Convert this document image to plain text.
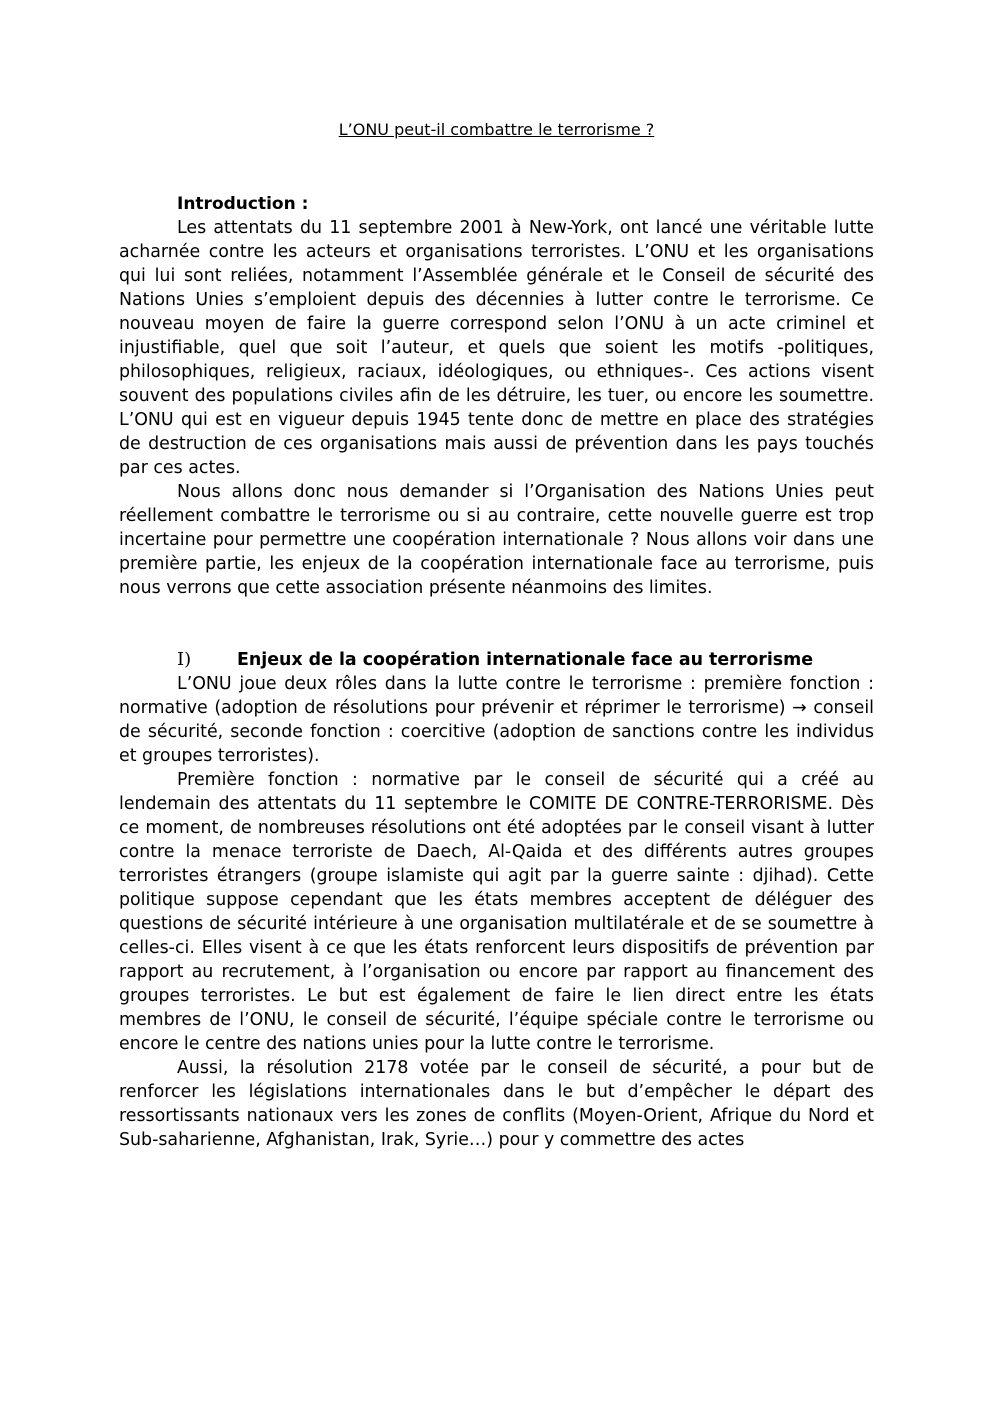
L’ONU peut-il combattre le terrorisme ?

Introduction :

Les attentats du 11 septembre 2001 à New-York, ont lancé une véritable lutte acharnée contre les acteurs et organisations terroristes. L’ONU et les organisations qui lui sont reliées, notamment l’Assemblée générale et le Conseil de sécurité des Nations Unies s’emploient depuis des décennies à lutter contre le terrorisme. Ce nouveau moyen de faire la guerre correspond selon l’ONU à un acte criminel et injustifiable, quel que soit l’auteur, et quels que soient les motifs -politiques, philosophiques, religieux, raciaux, idéologiques, ou ethniques-. Ces actions visent souvent des populations civiles afin de les détruire, les tuer, ou encore les soumettre. L’ONU qui est en vigueur depuis 1945 tente donc de mettre en place des stratégies de destruction de ces organisations mais aussi de prévention dans les pays touchés par ces actes.

Nous allons donc nous demander si l’Organisation des Nations Unies peut réellement combattre le terrorisme ou si au contraire, cette nouvelle guerre est trop incertaine pour permettre une coopération internationale ? Nous allons voir dans une première partie, les enjeux de la coopération internationale face au terrorisme, puis nous verrons que cette association présente néanmoins des limites.

I)	Enjeux de la coopération internationale face au terrorisme

L’ONU joue deux rôles dans la lutte contre le terrorisme : première fonction : normative (adoption de résolutions pour prévenir et réprimer le terrorisme) → conseil de sécurité, seconde fonction : coercitive (adoption de sanctions contre les individus et groupes terroristes).

Première fonction : normative par le conseil de sécurité qui a créé au lendemain des attentats du 11 septembre le COMITE DE CONTRE-TERRORISME. Dès ce moment, de nombreuses résolutions ont été adoptées par le conseil visant à lutter contre la menace terroriste de Daech, Al-Qaida et des différents autres groupes terroristes étrangers (groupe islamiste qui agit par la guerre sainte : djihad). Cette politique suppose cependant que les états membres acceptent de déléguer des questions de sécurité intérieure à une organisation multilatérale et de se soumettre à celles-ci. Elles visent à ce que les états renforcent leurs dispositifs de prévention par rapport au recrutement, à l’organisation ou encore par rapport au financement des groupes terroristes. Le but est également de faire le lien direct entre les états membres de l’ONU, le conseil de sécurité, l’équipe spéciale contre le terrorisme ou encore le centre des nations unies pour la lutte contre le terrorisme.

Aussi, la résolution 2178 votée par le conseil de sécurité, a pour but de renforcer les législations internationales dans le but d’empêcher le départ des ressortissants nationaux vers les zones de conflits (Moyen-Orient, Afrique du Nord et Sub-saharienne, Afghanistan, Irak, Syrie…) pour y commettre des actes
